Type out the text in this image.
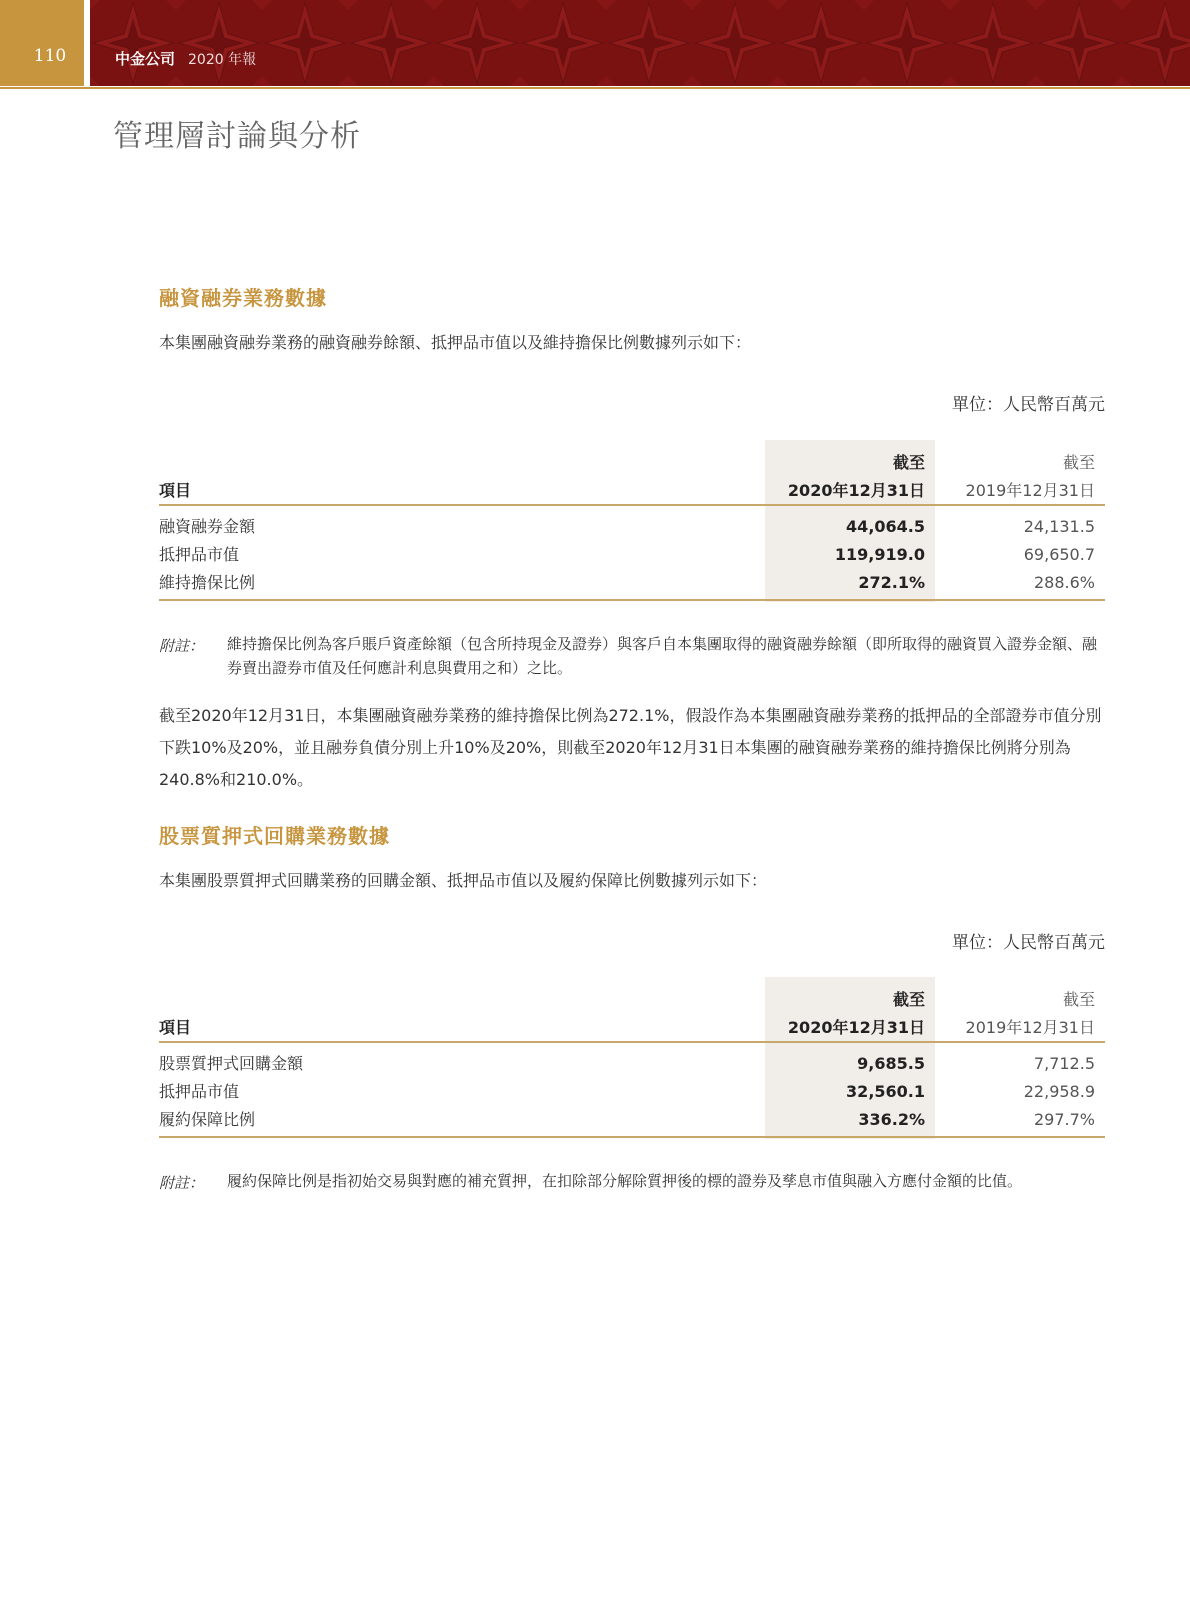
110	中金公司 2020 年報
管理層討論與分析
融資融券業務數據
本集團融資融券業務的融資融券餘額、抵押品市值以及維持擔保比例數據列示如下：
單位：人民幣百萬元
截至	截至
項目	2020年12月31日	2019年12月31日
融資融券金額	44,064.5	24,131.5
抵押品市值	119,919.0	69,650.7
維持擔保比例	272.1%	288.6%
附註： 維持擔保比例為客戶賬戶資產餘額（包含所持現金及證券）與客戶自本集團取得的融資融券餘額（即所取得的融資買入證券金額、融券賣出證券市值及任何應計利息與費用之和）之比。
截至2020年12月31日，本集團融資融券業務的維持擔保比例為272.1%，假設作為本集團融資融券業務的抵押品的全部證券市值分別下跌10%及20%，並且融券負債分別上升10%及20%，則截至2020年12月31日本集團的融資融券業務的維持擔保比例將分別為240.8%和210.0%。
股票質押式回購業務數據
本集團股票質押式回購業務的回購金額、抵押品市值以及履約保障比例數據列示如下：
單位：人民幣百萬元
截至	截至
項目	2020年12月31日	2019年12月31日
股票質押式回購金額	9,685.5	7,712.5
抵押品市值	32,560.1	22,958.9
履約保障比例	336.2%	297.7%
附註： 履約保障比例是指初始交易與對應的補充質押，在扣除部分解除質押後的標的證券及孳息市值與融入方應付金額的比值。
